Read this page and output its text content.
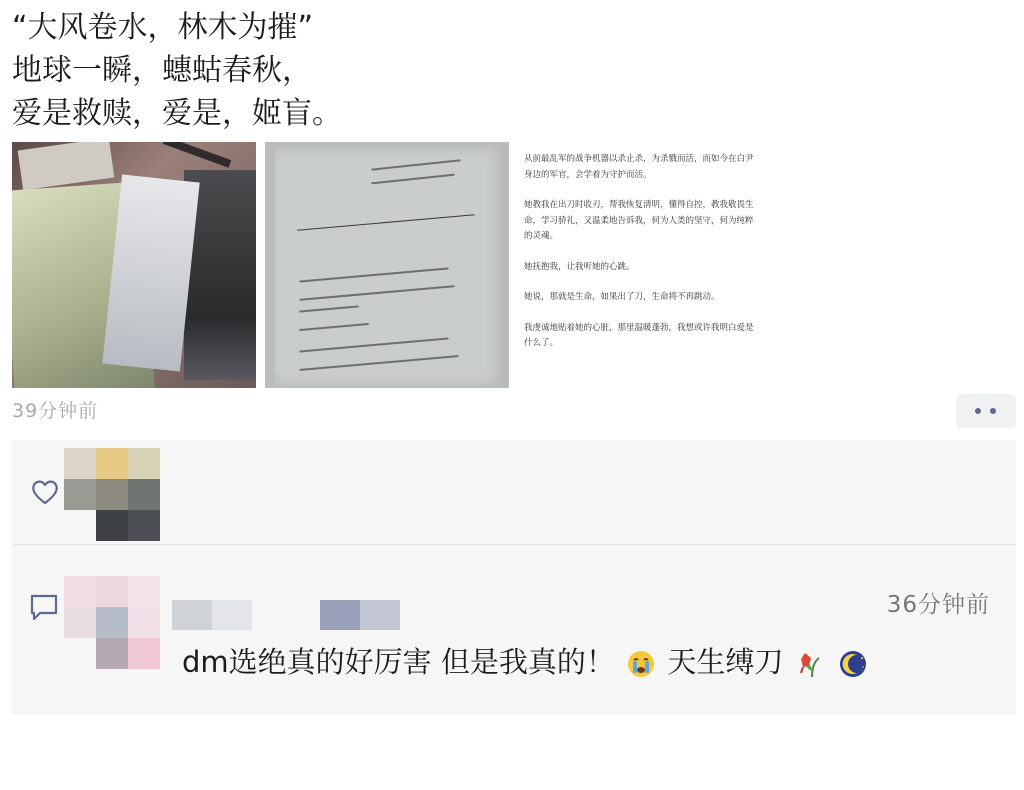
“大风卷水，林木为摧”
地球一瞬，蟪蛄春秋，
爱是救赎，爱是，姬盲。

从前最乱军的战争机器以杀止杀，为杀戮而活，而如今在白尹身边的军官，会学着为守护而活。

她教我在出刀时收刃，帮我恢复清明，懂得自控，教我敬畏生命，学习骄礼，又温柔地告诉我，何为人类的坚守，何为纯粹的灵魂。

她抚抱我，让我听她的心跳。

她说，那就是生命，如果出了刀，生命将不再跳动。

我虔诚地贴着她的心脏，那里温暖蓬勃，我想或许我明白爱是什么了。

39分钟前
36分钟前
dm选绝真的好厉害 但是我真的！ 天生缚刀
